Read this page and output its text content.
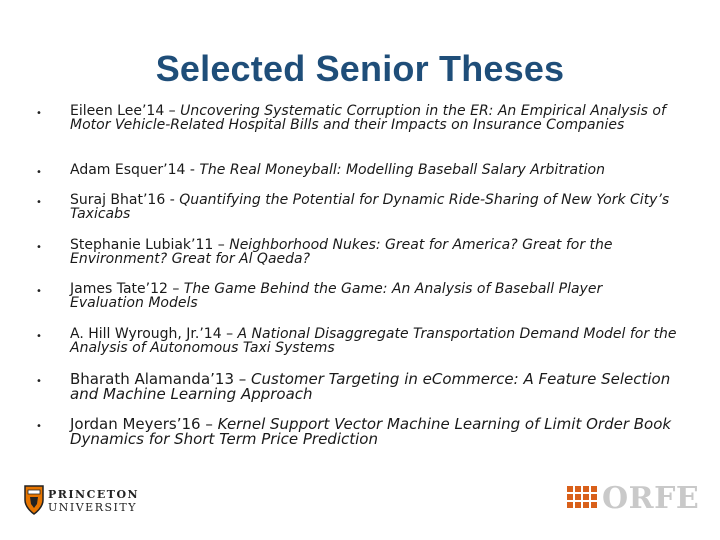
Selected Senior Theses
• Eileen Lee’14 – Uncovering Systematic Corruption in the ER: An Empirical Analysis of Motor Vehicle-Related Hospital Bills and their Impacts on Insurance Companies
• Adam Esquer’14 - The Real Moneyball: Modelling Baseball Salary Arbitration
• Suraj Bhat’16 - Quantifying the Potential for Dynamic Ride-Sharing of New York City’s Taxicabs
• Stephanie Lubiak’11 – Neighborhood Nukes: Great for America? Great for the Environment? Great for Al Qaeda?
• James Tate’12 – The Game Behind the Game: An Analysis of Baseball Player Evaluation Models
• A. Hill Wyrough, Jr.’14 – A National Disaggregate Transportation Demand Model for the Analysis of Autonomous Taxi Systems
• Bharath Alamanda’13 – Customer Targeting in eCommerce: A Feature Selection and Machine Learning Approach
• Jordan Meyers’16 – Kernel Support Vector Machine Learning of Limit Order Book Dynamics for Short Term Price Prediction
PRINCETON
UNIVERSITY	ORFE
